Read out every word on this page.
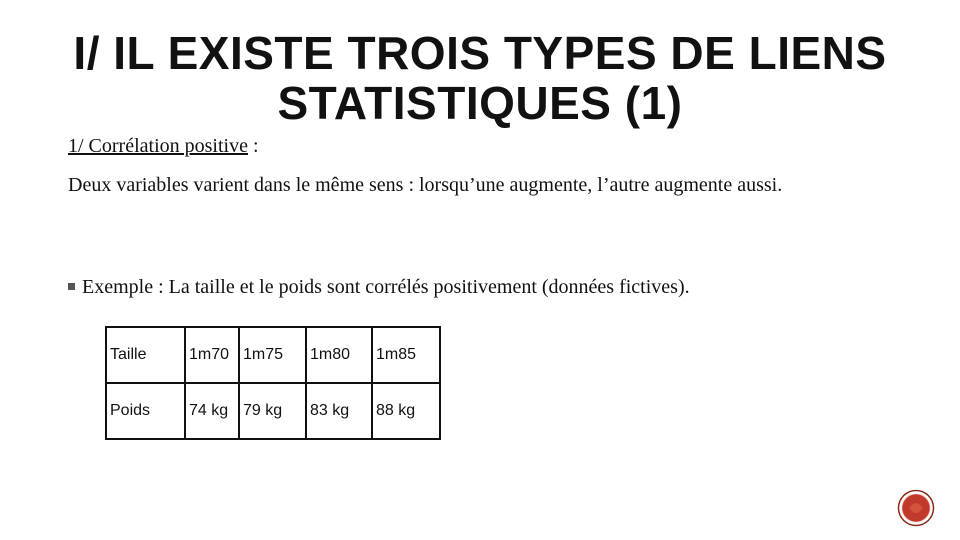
I/ IL EXISTE TROIS TYPES DE LIENS
STATISTIQUES (1)
1/ Corrélation positive :
Deux variables varient dans le même sens : lorsqu’une augmente, l’autre augmente aussi.
Exemple : La taille et le poids sont corrélés positivement (données fictives).
Taille	1m70	1m75	1m80	1m85
Poids	74 kg	79 kg	83 kg	88 kg
